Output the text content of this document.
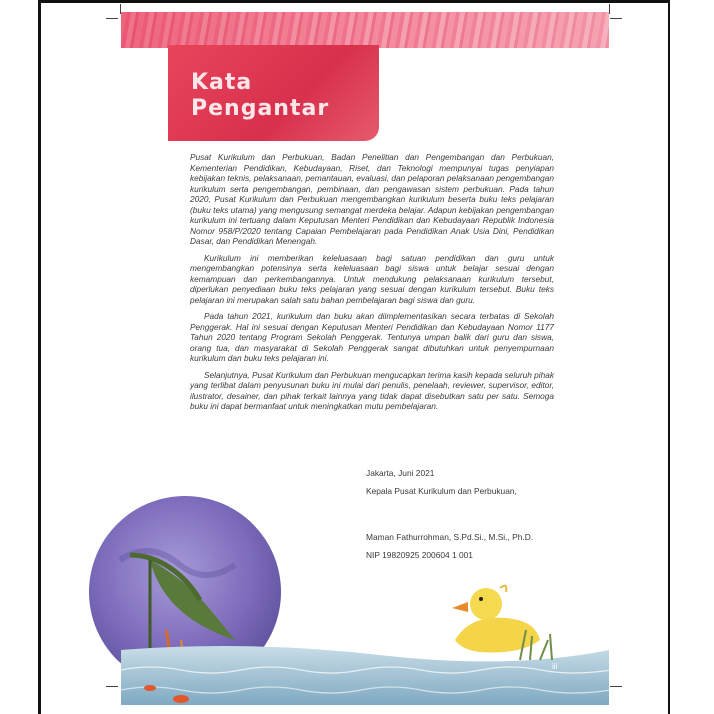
Kata
Pengantar

Pusat Kurikulum dan Perbukuan, Badan Penelitian dan Pengembangan dan Perbukuan, Kementerian Pendidikan, Kebudayaan, Riset, dan Teknologi mempunyai tugas penyiapan kebijakan teknis, pelaksanaan, pemantauan, evaluasi, dan pelaporan pelaksanaan pengembangan kurikulum serta pengembangan, pembinaan, dan pengawasan sistem perbukuan. Pada tahun 2020, Pusat Kurikulum dan Perbukuan mengembangkan kurikulum beserta buku teks pelajaran (buku teks utama) yang mengusung semangat merdeka belajar. Adapun kebijakan pengembangan kurikulum ini tertuang dalam Keputusan Menteri Pendidikan dan Kebudayaan Republik Indonesia Nomor 958/P/2020 tentang Capaian Pembelajaran pada Pendidikan Anak Usia Dini, Pendidikan Dasar, dan Pendidikan Menengah.

Kurikulum ini memberikan keleluasaan bagi satuan pendidikan dan guru untuk mengembangkan potensinya serta keleluasaan bagi siswa untuk belajar sesuai dengan kemampuan dan perkembangannya. Untuk mendukung pelaksanaan kurikulum tersebut, diperlukan penyediaan buku teks pelajaran yang sesuai dengan kurikulum tersebut. Buku teks pelajaran ini merupakan salah satu bahan pembelajaran bagi siswa dan guru.

Pada tahun 2021, kurikulum dan buku akan diimplementasikan secara terbatas di Sekolah Penggerak. Hal ini sesuai dengan Keputusan Menteri Pendidikan dan Kebudayaan Nomor 1177 Tahun 2020 tentang Program Sekolah Penggerak. Tentunya umpan balik dari guru dan siswa, orang tua, dan masyarakat di Sekolah Penggerak sangat dibutuhkan untuk penyempurnaan kurikulum dan buku teks pelajaran ini.

Selanjutnya, Pusat Kurikulum dan Perbukuan mengucapkan terima kasih kepada seluruh pihak yang terlibat dalam penyusunan buku ini mulai dari penulis, penelaah, reviewer, supervisor, editor, ilustrator, desainer, dan pihak terkait lainnya yang tidak dapat disebutkan satu per satu. Semoga buku ini dapat bermanfaat untuk meningkatkan mutu pembelajaran.

Jakarta, Juni 2021
Kepala Pusat Kurikulum dan Perbukuan,
Maman Fathurrohman, S.Pd.Si., M.Si., Ph.D.
NIP 19820925 200604 1 001
iii
